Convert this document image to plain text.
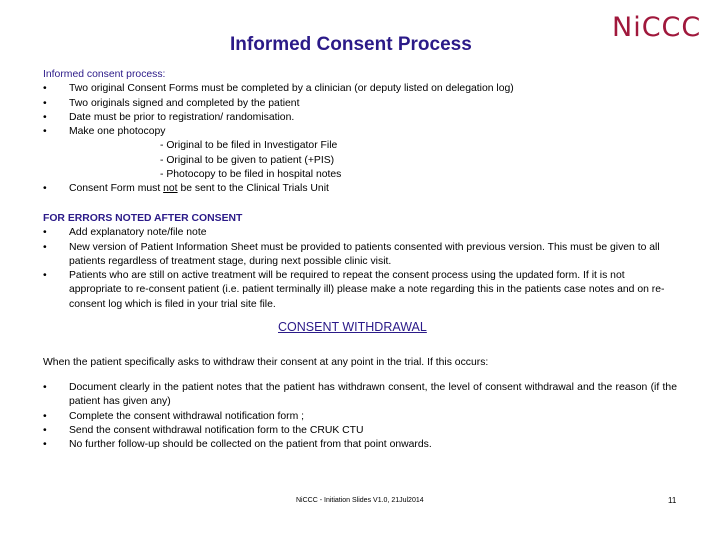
Informed Consent Process
NiCCC
Informed consent process:
•	Two original Consent Forms must be completed by a clinician (or deputy listed on delegation log)
•	Two originals signed and completed by the patient
•	Date must be prior to registration/ randomisation.
•	Make one photocopy
- Original to be filed in Investigator File
- Original to be given to patient (+PIS)
- Photocopy to be filed in hospital notes
•	Consent Form must not be sent to the Clinical Trials Unit
FOR ERRORS NOTED AFTER CONSENT
•	Add explanatory note/file note
•	New version of Patient Information Sheet must be provided to patients consented with previous version. This must be given to all patients regardless of treatment stage, during next possible clinic visit.
•	Patients who are still on active treatment will be required to repeat the consent process using the updated form. If it is not appropriate to re-consent patient (i.e. patient terminally ill) please make a note regarding this in the patients case notes and on re- consent log which is filed in your trial site file.
CONSENT WITHDRAWAL
When the patient specifically asks to withdraw their consent at any point in the trial. If this occurs:
•	Document clearly in the patient notes that the patient has withdrawn consent, the level of consent withdrawal and the reason (if the patient has given any)
•	Complete the consent withdrawal notification form ;
•	Send the consent withdrawal notification form to the CRUK CTU
•	No further follow-up should be collected on the patient from that point onwards.
NiCCC - Initiation Slides V1.0, 21Jul2014	11
